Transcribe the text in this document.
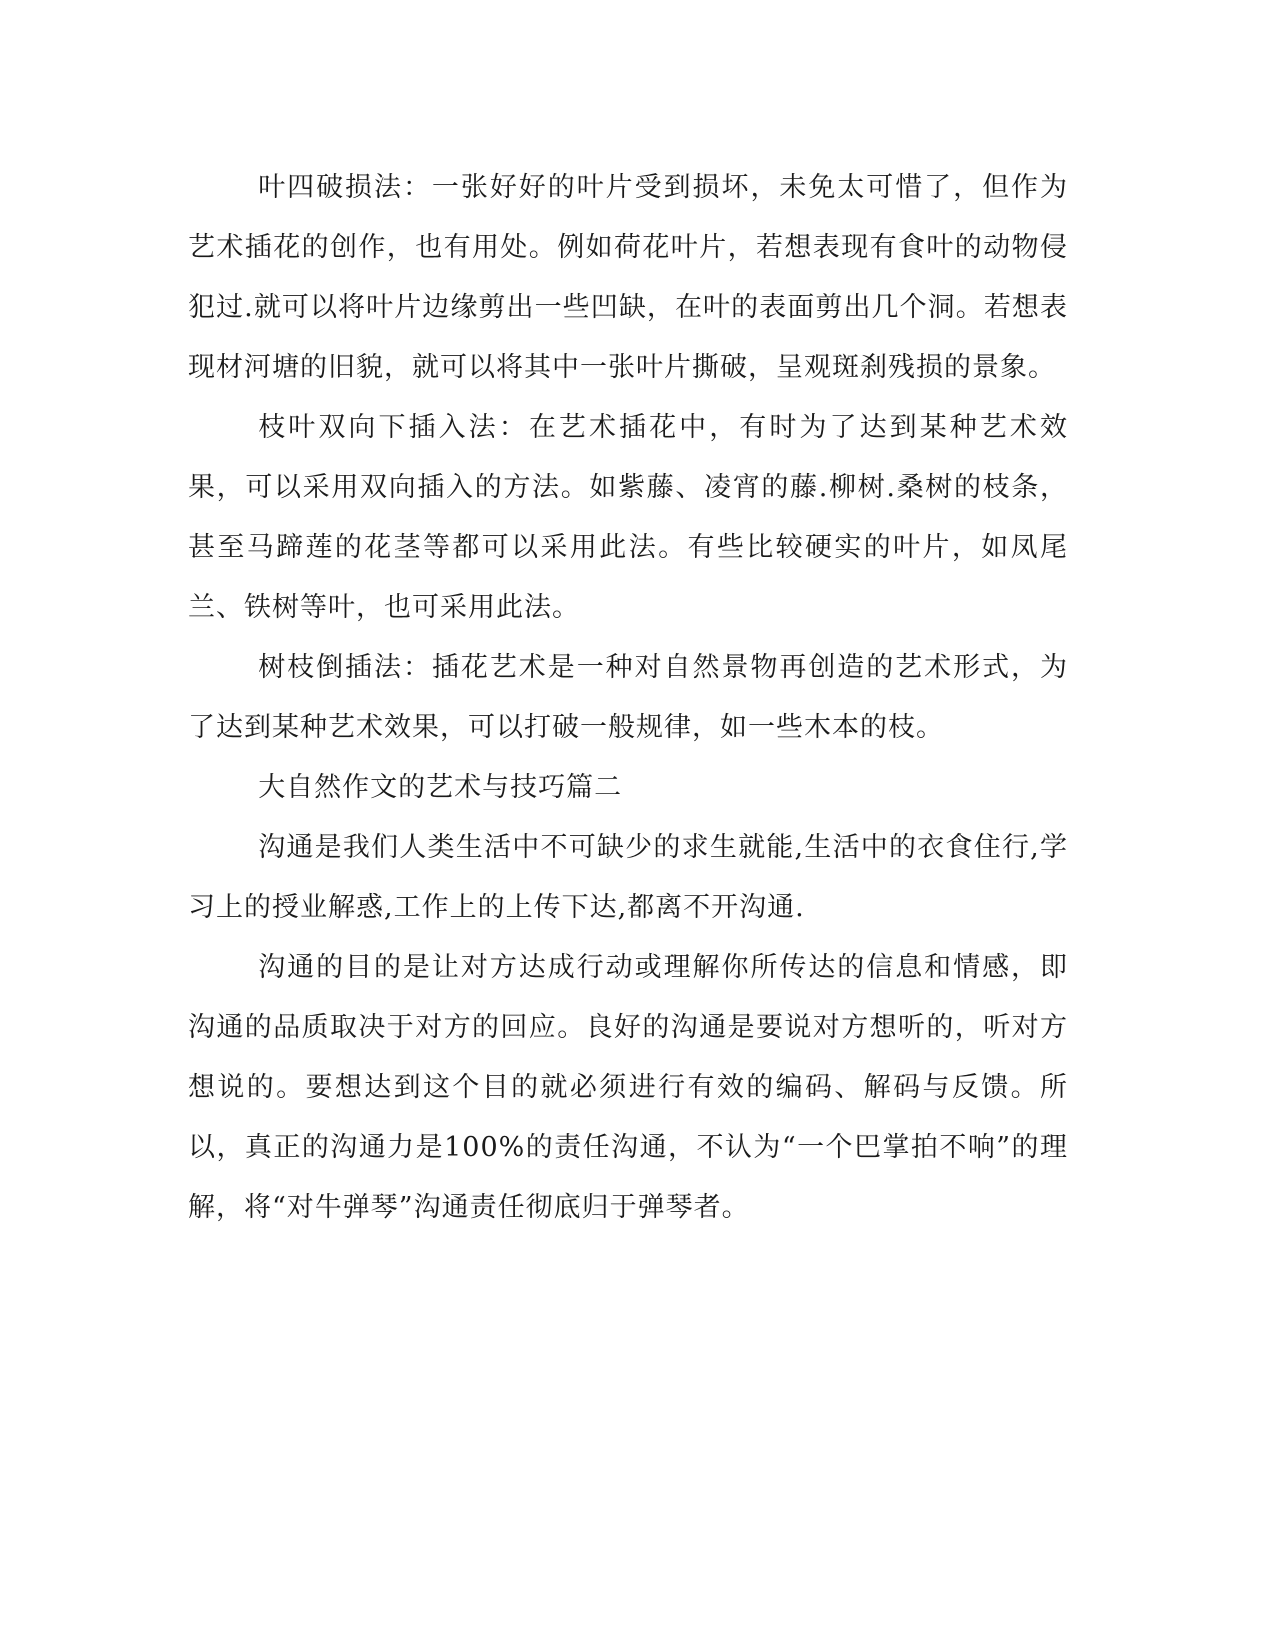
叶四破损法：一张好好的叶片受到损坏，未免太可惜了，但作为艺术插花的创作，也有用处。例如荷花叶片，若想表现有食叶的动物侵犯过.就可以将叶片边缘剪出一些凹缺，在叶的表面剪出几个洞。若想表现材河塘的旧貌，就可以将其中一张叶片撕破，呈观斑刹残损的景象。

枝叶双向下插入法：在艺术插花中，有时为了达到某种艺术效果，可以采用双向插入的方法。如紫藤、凌宵的藤.柳树.桑树的枝条，甚至马蹄莲的花茎等都可以采用此法。有些比较硬实的叶片，如凤尾兰、铁树等叶，也可采用此法。

树枝倒插法：插花艺术是一种对自然景物再创造的艺术形式，为了达到某种艺术效果，可以打破一般规律，如一些木本的枝。

大自然作文的艺术与技巧篇二

沟通是我们人类生活中不可缺少的求生就能,生活中的衣食住行,学习上的授业解惑,工作上的上传下达,都离不开沟通.

沟通的目的是让对方达成行动或理解你所传达的信息和情感，即沟通的品质取决于对方的回应。良好的沟通是要说对方想听的，听对方想说的。要想达到这个目的就必须进行有效的编码、解码与反馈。所以，真正的沟通力是100%的责任沟通，不认为“一个巴掌拍不响”的理解，将“对牛弹琴”沟通责任彻底归于弹琴者。
